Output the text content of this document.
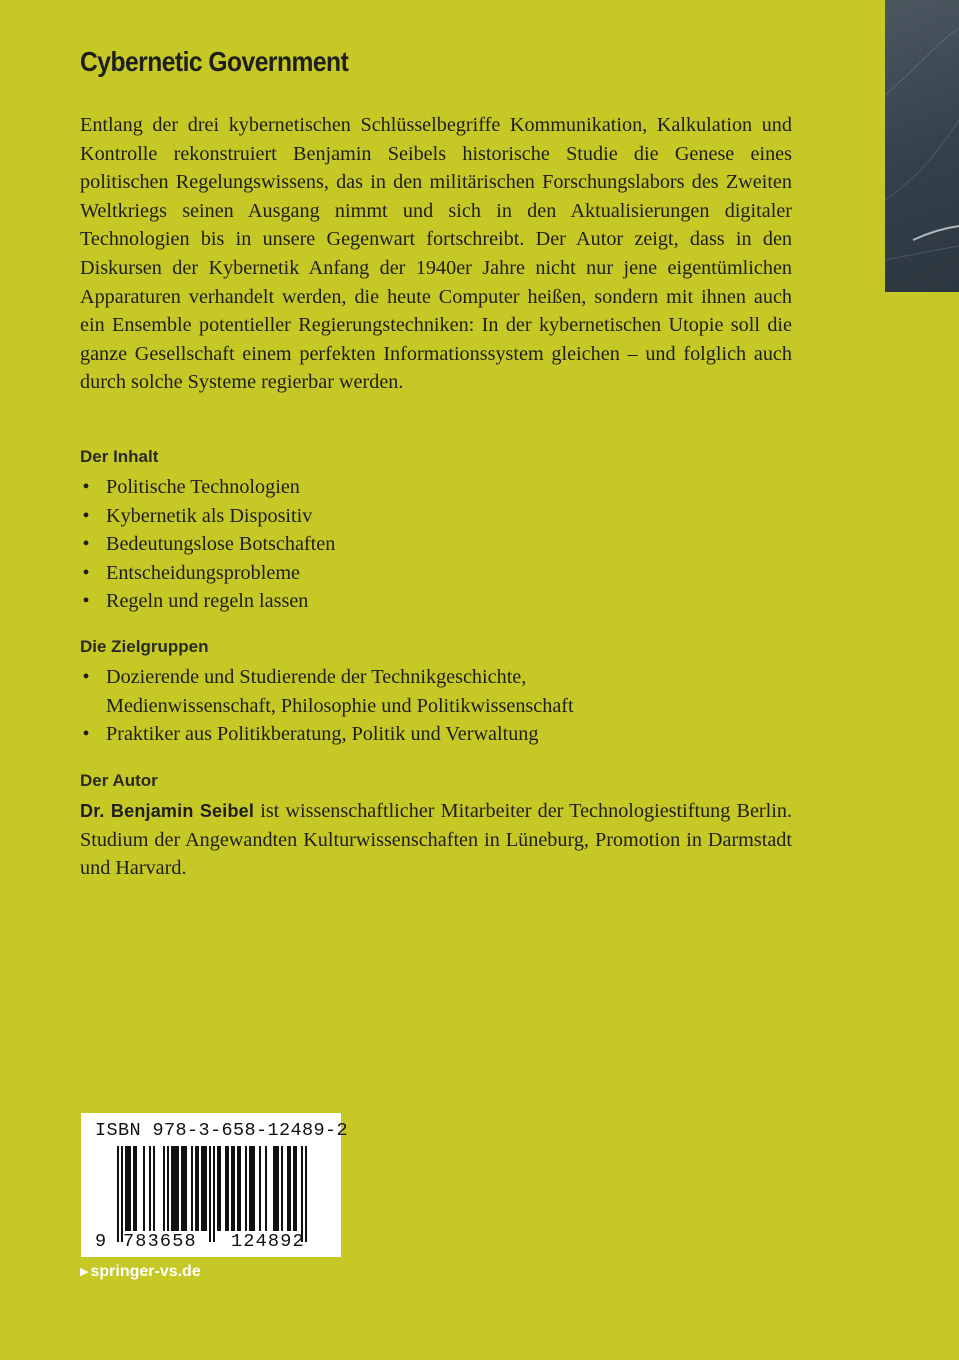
Cybernetic Government

Entlang der drei kybernetischen Schlüsselbegriffe Kommunikation, Kalkulation und Kontrolle rekonstruiert Benjamin Seibels historische Studie die Genese eines politischen Regelungswissens, das in den militärischen Forschungslabors des Zweiten Weltkriegs seinen Ausgang nimmt und sich in den Aktualisierungen digitaler Technologien bis in unsere Gegenwart fortschreibt. Der Autor zeigt, dass in den Diskursen der Kybernetik Anfang der 1940er Jahre nicht nur jene eigentümlichen Apparaturen verhandelt werden, die heute Computer heißen, sondern mit ihnen auch ein Ensemble potentieller Regierungstechniken: In der kybernetischen Utopie soll die ganze Gesellschaft einem perfekten Informationssystem gleichen – und folglich auch durch solche Systeme regierbar werden.

Der Inhalt
• Politische Technologien
• Kybernetik als Dispositiv
• Bedeutungslose Botschaften
• Entscheidungsprobleme
• Regeln und regeln lassen
Die Zielgruppen
• Dozierende und Studierende der Technikgeschichte, Medienwissenschaft, Philosophie und Politikwissenschaft
• Praktiker aus Politikberatung, Politik und Verwaltung
Der Autor

Dr. Benjamin Seibel ist wissenschaftlicher Mitarbeiter der Technologiestiftung Berlin. Studium der Angewandten Kulturwissenschaften in Lüneburg, Promotion in Darmstadt und Harvard.

ISBN 978-3-658-12489-2
9 783658 124892
▶ springer-vs.de
